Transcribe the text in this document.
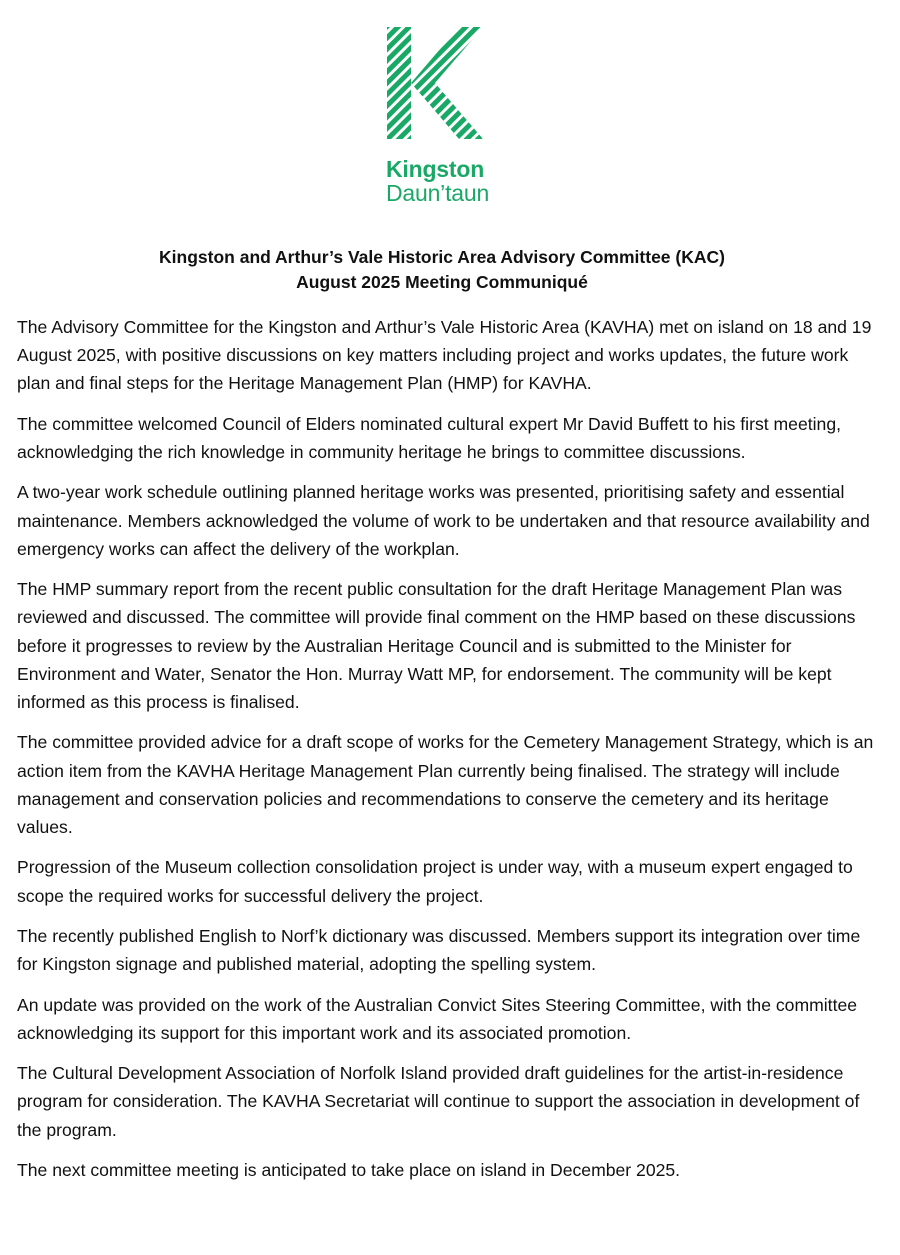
Kingston
Daun’taun
Kingston and Arthur’s Vale Historic Area Advisory Committee (KAC)
August 2025 Meeting Communiqué

The Advisory Committee for the Kingston and Arthur’s Vale Historic Area (KAVHA) met on island on 18 and 19 August 2025, with positive discussions on key matters including project and works updates, the future work plan and final steps for the Heritage Management Plan (HMP) for KAVHA.

The committee welcomed Council of Elders nominated cultural expert Mr David Buffett to his first meeting, acknowledging the rich knowledge in community heritage he brings to committee discussions.

A two-year work schedule outlining planned heritage works was presented, prioritising safety and essential maintenance. Members acknowledged the volume of work to be undertaken and that resource availability and emergency works can affect the delivery of the workplan.

The HMP summary report from the recent public consultation for the draft Heritage Management Plan was reviewed and discussed. The committee will provide final comment on the HMP based on these discussions before it progresses to review by the Australian Heritage Council and is submitted to the Minister for Environment and Water, Senator the Hon. Murray Watt MP, for endorsement. The community will be kept informed as this process is finalised.

The committee provided advice for a draft scope of works for the Cemetery Management Strategy, which is an action item from the KAVHA Heritage Management Plan currently being finalised. The strategy will include management and conservation policies and recommendations to conserve the cemetery and its heritage values.

Progression of the Museum collection consolidation project is under way, with a museum expert engaged to scope the required works for successful delivery the project.

The recently published English to Norf’k dictionary was discussed. Members support its integration over time for Kingston signage and published material, adopting the spelling system.

An update was provided on the work of the Australian Convict Sites Steering Committee, with the committee acknowledging its support for this important work and its associated promotion.

The Cultural Development Association of Norfolk Island provided draft guidelines for the artist-in-residence program for consideration. The KAVHA Secretariat will continue to support the association in development of the program.

The next committee meeting is anticipated to take place on island in December 2025.
